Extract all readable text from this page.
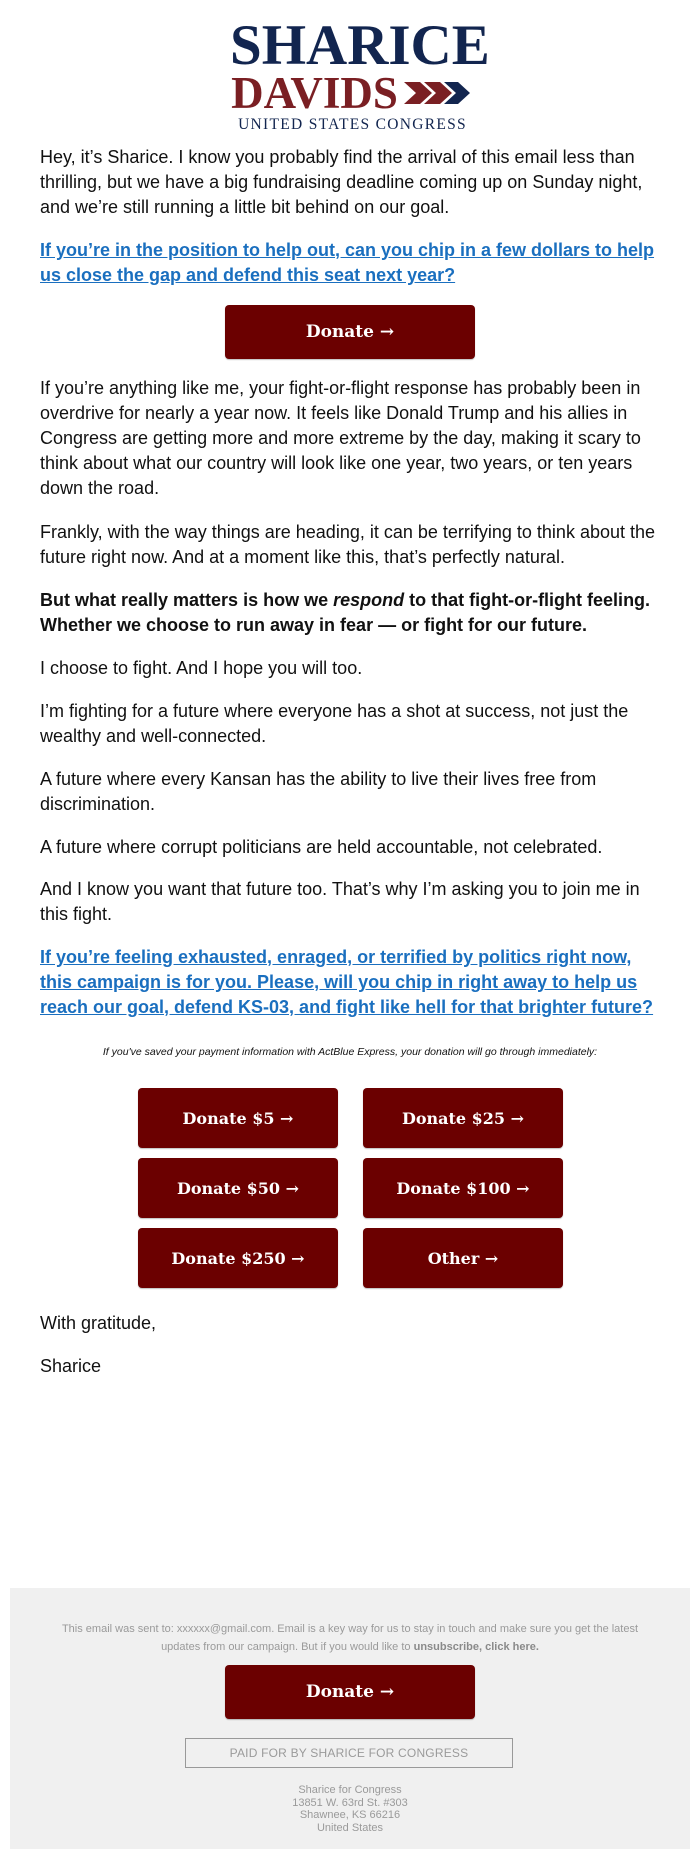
SHARICE
DAVIDS
UNITED STATES CONGRESS

Hey, it’s Sharice. I know you probably find the arrival of this email less than thrilling, but we have a big fundraising deadline coming up on Sunday night, and we’re still running a little bit behind on our goal.

If you’re in the position to help out, can you chip in a few dollars to help us close the gap and defend this seat next year?

Donate →

If you’re anything like me, your fight-or-flight response has probably been in overdrive for nearly a year now. It feels like Donald Trump and his allies in Congress are getting more and more extreme by the day, making it scary to think about what our country will look like one year, two years, or ten years down the road.

Frankly, with the way things are heading, it can be terrifying to think about the future right now. And at a moment like this, that’s perfectly natural.

But what really matters is how we respond to that fight-or-flight feeling. Whether we choose to run away in fear — or fight for our future.

I choose to fight. And I hope you will too.

I’m fighting for a future where everyone has a shot at success, not just the wealthy and well-connected.

A future where every Kansan has the ability to live their lives free from discrimination.

A future where corrupt politicians are held accountable, not celebrated.

And I know you want that future too. That’s why I’m asking you to join me in this fight.

If you’re feeling exhausted, enraged, or terrified by politics right now, this campaign is for you. Please, will you chip in right away to help us reach our goal, defend KS-03, and fight like hell for that brighter future?

If you've saved your payment information with ActBlue Express, your donation will go through immediately:
Donate $5 →	Donate $25 →
Donate $50 →	Donate $100 →
Donate $250 →	Other →

With gratitude,

Sharice

This email was sent to: xxxxxx@gmail.com. Email is a key way for us to stay in touch and make sure you get the latest updates from our campaign. But if you would like to unsubscribe, click here.
Donate →
PAID FOR BY SHARICE FOR CONGRESS
Sharice for Congress
13851 W. 63rd St. #303
Shawnee, KS 66216
United States
